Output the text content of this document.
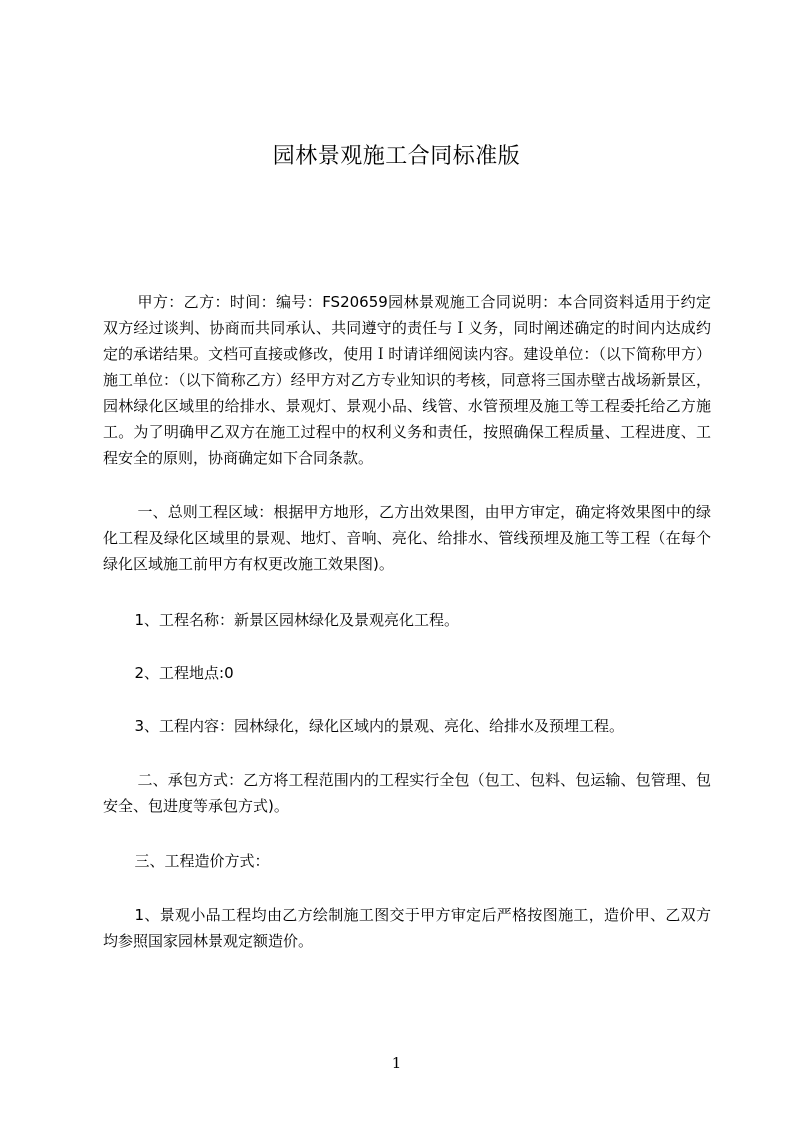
园林景观施工合同标准版
甲方：乙方：时间：编号：FS20659园林景观施工合同说明：本合同资料适用于约定双方经过谈判、协商而共同承认、共同遵守的责任与Ｉ义务，同时阐述确定的时间内达成约定的承诺结果。文档可直接或修改，使用Ｉ时请详细阅读内容。建设单位：（以下简称甲方）施工单位：（以下简称乙方）经甲方对乙方专业知识的考核，同意将三国赤壁古战场新景区，园林绿化区域里的给排水、景观灯、景观小品、线管、水管预埋及施工等工程委托给乙方施工。为了明确甲乙双方在施工过程中的权利义务和责任，按照确保工程质量、工程进度、工程安全的原则，协商确定如下合同条款。
一、总则工程区域：根据甲方地形，乙方出效果图，由甲方审定，确定将效果图中的绿化工程及绿化区域里的景观、地灯、音响、亮化、给排水、管线预埋及施工等工程（在每个绿化区域施工前甲方有权更改施工效果图)。
1、工程名称：新景区园林绿化及景观亮化工程。
2、工程地点:0
3、工程内容：园林绿化，绿化区域内的景观、亮化、给排水及预埋工程。
二、承包方式：乙方将工程范围内的工程实行全包（包工、包料、包运输、包管理、包安全、包进度等承包方式)。
三、工程造价方式：
1、景观小品工程均由乙方绘制施工图交于甲方审定后严格按图施工，造价甲、乙双方均参照国家园林景观定额造价。
1
